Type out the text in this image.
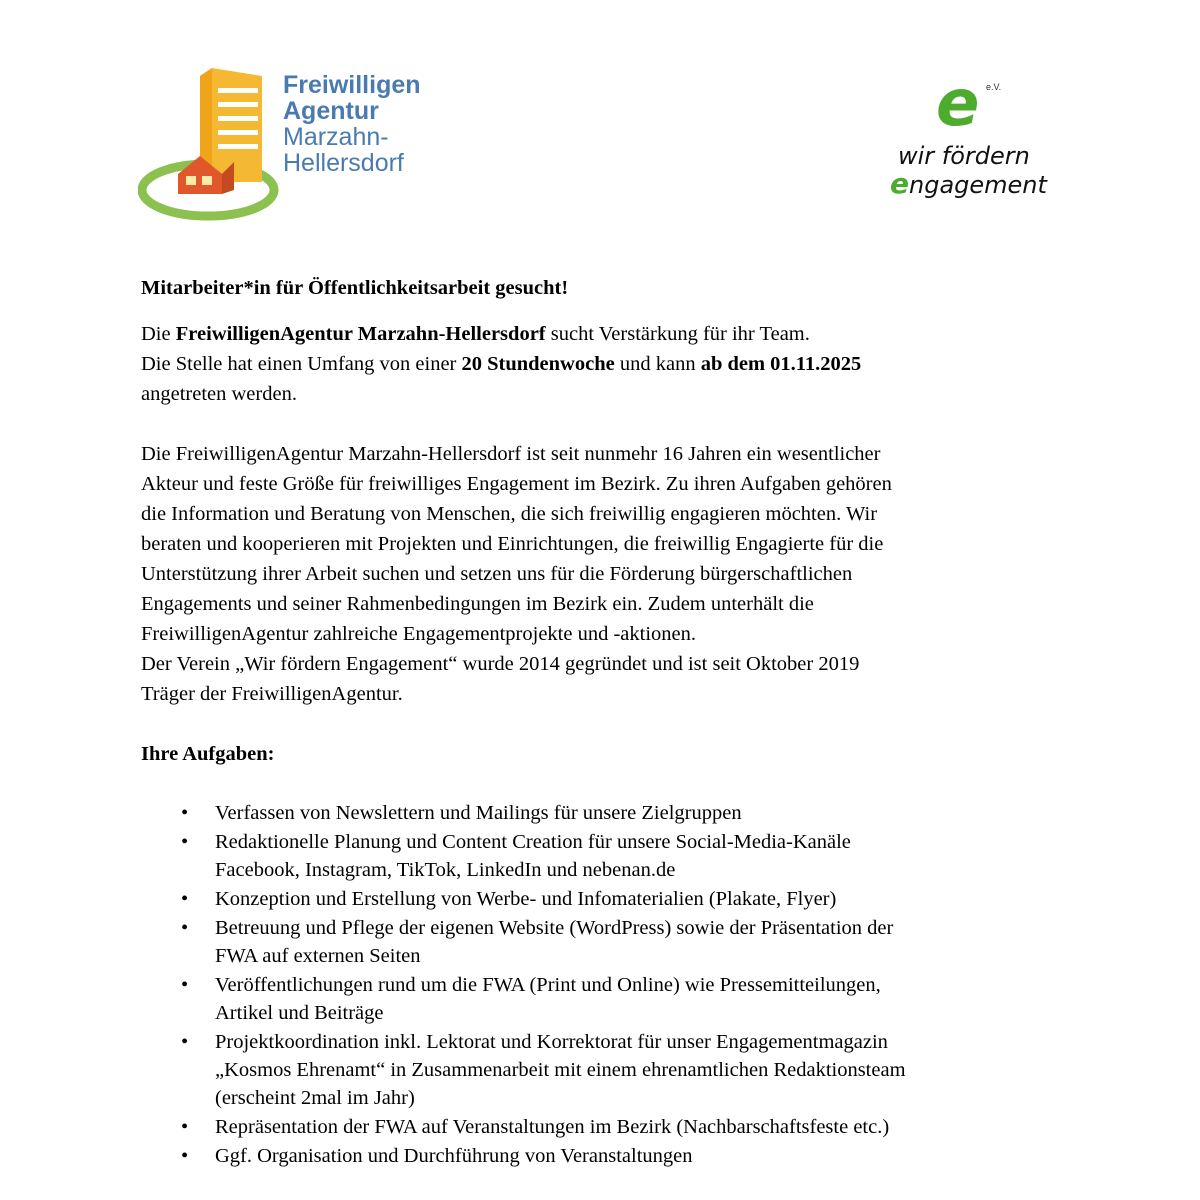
Freiwilligen
Agentur
Marzahn-
Hellersdorf
e e.V.
wir fördern
engagement

Mitarbeiter*in für Öffentlichkeitsarbeit gesucht!

Die FreiwilligenAgentur Marzahn-Hellersdorf sucht Verstärkung für ihr Team.
Die Stelle hat einen Umfang von einer 20 Stundenwoche und kann ab dem 01.11.2025
angetreten werden.

Die FreiwilligenAgentur Marzahn-Hellersdorf ist seit nunmehr 16 Jahren ein wesentlicher
Akteur und feste Größe für freiwilliges Engagement im Bezirk. Zu ihren Aufgaben gehören
die Information und Beratung von Menschen, die sich freiwillig engagieren möchten. Wir
beraten und kooperieren mit Projekten und Einrichtungen, die freiwillig Engagierte für die
Unterstützung ihrer Arbeit suchen und setzen uns für die Förderung bürgerschaftlichen
Engagements und seiner Rahmenbedingungen im Bezirk ein. Zudem unterhält die
FreiwilligenAgentur zahlreiche Engagementprojekte und -aktionen.
Der Verein „Wir fördern Engagement“ wurde 2014 gegründet und ist seit Oktober 2019
Träger der FreiwilligenAgentur.

Ihre Aufgaben:

• Verfassen von Newslettern und Mailings für unsere Zielgruppen
• Redaktionelle Planung und Content Creation für unsere Social-Media-Kanäle
Facebook, Instagram, TikTok, LinkedIn und nebenan.de
• Konzeption und Erstellung von Werbe- und Infomaterialien (Plakate, Flyer)
• Betreuung und Pflege der eigenen Website (WordPress) sowie der Präsentation der
FWA auf externen Seiten
• Veröffentlichungen rund um die FWA (Print und Online) wie Pressemitteilungen,
Artikel und Beiträge
• Projektkoordination inkl. Lektorat und Korrektorat für unser Engagementmagazin
„Kosmos Ehrenamt“ in Zusammenarbeit mit einem ehrenamtlichen Redaktionsteam
(erscheint 2mal im Jahr)
• Repräsentation der FWA auf Veranstaltungen im Bezirk (Nachbarschaftsfeste etc.)
• Ggf. Organisation und Durchführung von Veranstaltungen
